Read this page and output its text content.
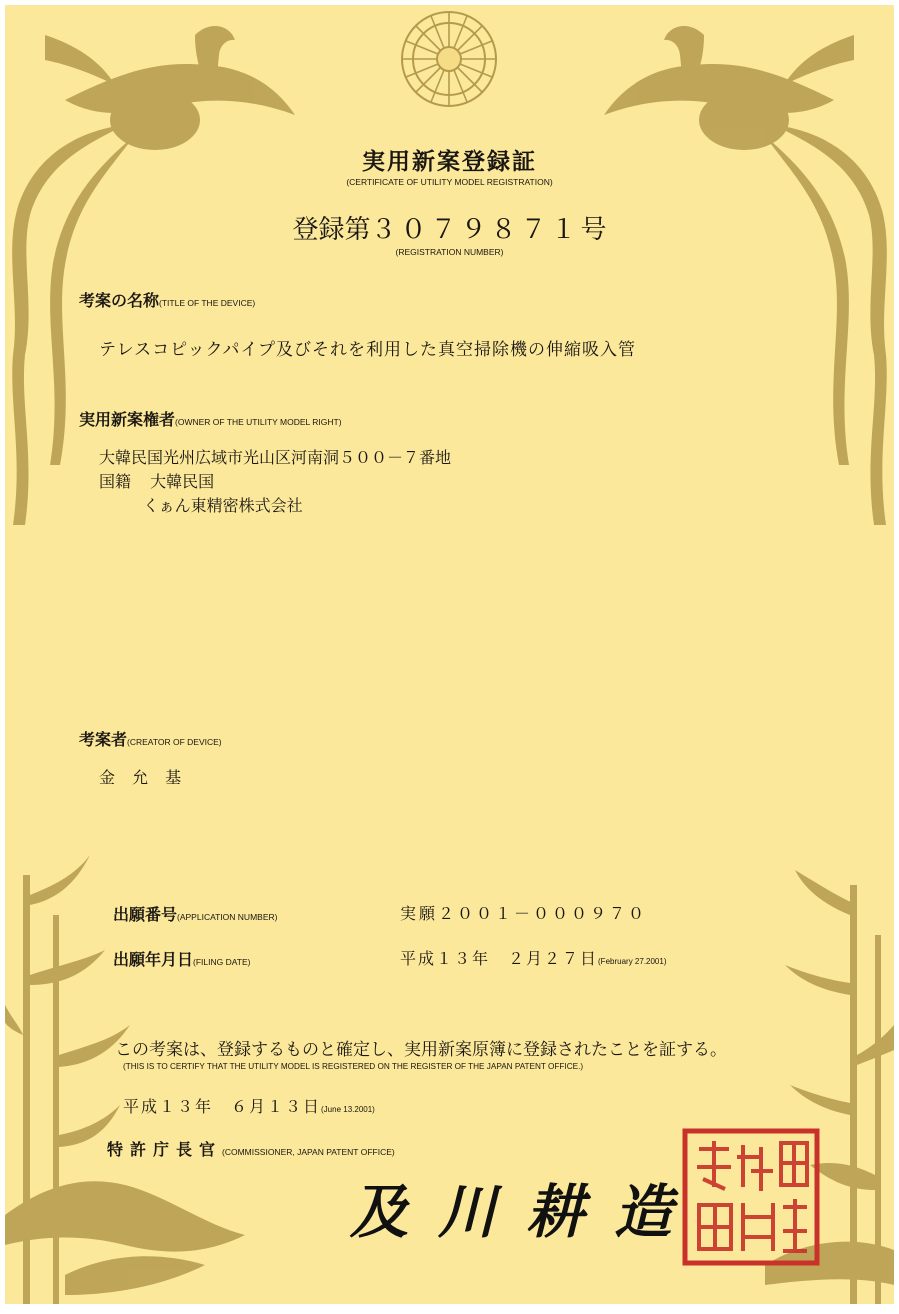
実用新案登録証
(CERTIFICATE OF UTILITY MODEL REGISTRATION)
登録第３０７９８７１号
(REGISTRATION NUMBER)
考案の名称(TITLE OF THE DEVICE)
テレスコピックパイプ及びそれを利用した真空掃除機の伸縮吸入管
実用新案権者(OWNER OF THE UTILITY MODEL RIGHT)
大韓民国光州広域市光山区河南洞５００－７番地
国籍 大韓民国
くぁん東精密株式会社
考案者(CREATOR OF DEVICE)
金 允 基
出願番号(APPLICATION NUMBER)	実願２００１－０００９７０
出願年月日(FILING DATE)	平成１３年　２月２７日(February 27.2001)
この考案は、登録するものと確定し、実用新案原簿に登録されたことを証する。
(THIS IS TO CERTIFY THAT THE UTILITY MODEL IS REGISTERED ON THE REGISTER OF THE JAPAN PATENT OFFICE.)
平成１３年　６月１３日(June 13.2001)
特許庁長官(COMMISSIONER, JAPAN PATENT OFFICE)
及川耕造
